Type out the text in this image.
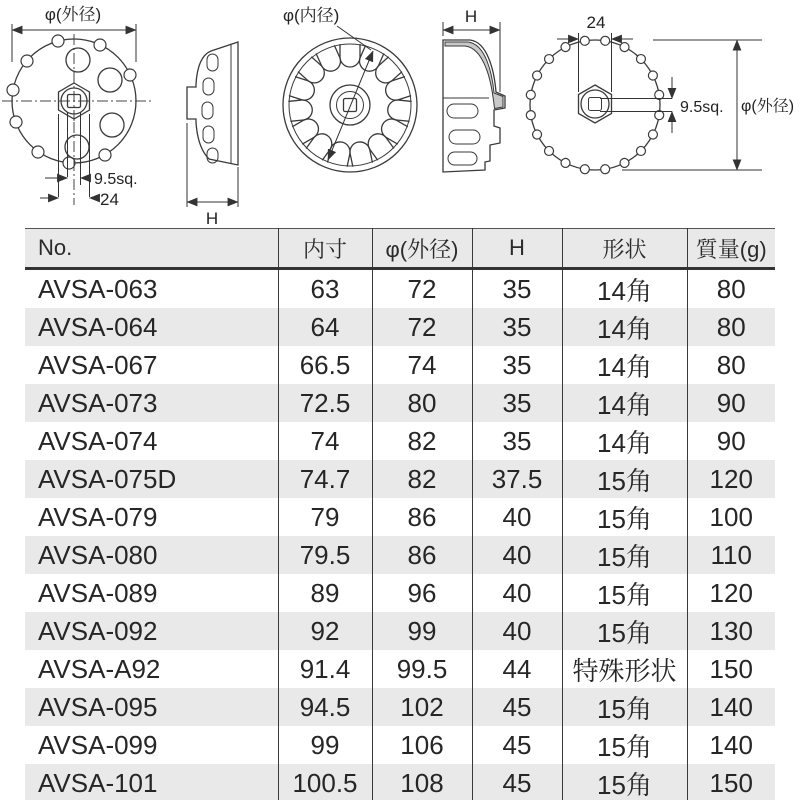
φ(外径)
9.5sq.
24
H
φ(内径)	H	24
9.5sq. φ(外径)
No.	内寸	φ(外径)	H	形状	質量(g)
AVSA-063	63	72	35	14角	80
AVSA-064	64	72	35	14角	80
AVSA-067	66.5	74	35	14角	80
AVSA-073	72.5	80	35	14角	90
AVSA-074	74	82	35	14角	90
AVSA-075D	74.7	82	37.5	15角	120
AVSA-079	79	86	40	15角	100
AVSA-080	79.5	86	40	15角	110
AVSA-089	89	96	40	15角	120
AVSA-092	92	99	40	15角	130
AVSA-A92	91.4	99.5	44	特殊形状	150
AVSA-095	94.5	102	45	15角	140
AVSA-099	99	106	45	15角	140
AVSA-101	100.5	108	45	15角	150
